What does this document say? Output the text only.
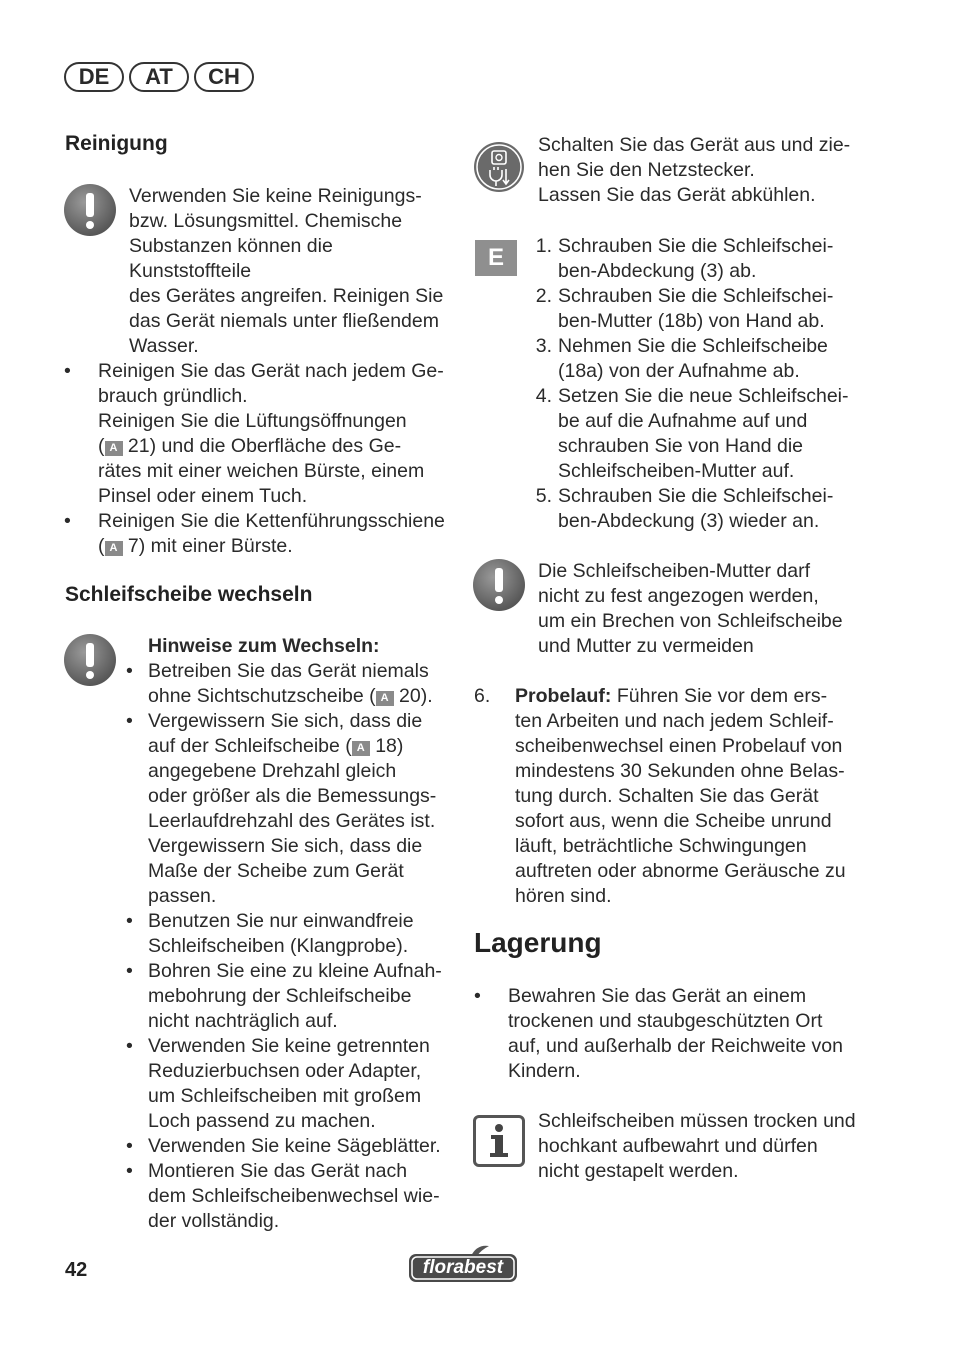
DE	AT	CH
Reinigung
Verwenden Sie keine Reinigungs-
bzw. Lösungsmittel. Chemische
Substanzen können die Kunststoffteile
des Gerätes angreifen. Reinigen Sie
das Gerät niemals unter fließendem
Wasser.
• Reinigen Sie das Gerät nach jedem Ge-
brauch gründlich.
Reinigen Sie die Lüftungsöffnungen
( A 21) und die Oberfläche des Ge-
rätes mit einer weichen Bürste, einem
Pinsel oder einem Tuch.
• Reinigen Sie die Kettenführungsschiene
( A 7) mit einer Bürste.
Schleifscheibe wechseln
Hinweise zum Wechseln:
• Betreiben Sie das Gerät niemals
ohne Sichtschutzscheibe ( A 20).
• Vergewissern Sie sich, dass die
auf der Schleifscheibe ( A 18)
angegebene Drehzahl gleich
oder größer als die Bemessungs-
Leerlaufdrehzahl des Gerätes ist.
Vergewissern Sie sich, dass die
Maße der Scheibe zum Gerät
passen.
• Benutzen Sie nur einwandfreie
Schleifscheiben (Klangprobe).
• Bohren Sie eine zu kleine Aufnah-
mebohrung der Schleifscheibe
nicht nachträglich auf.
• Verwenden Sie keine getrennten
Reduzierbuchsen oder Adapter,
um Schleifscheiben mit großem
Loch passend zu machen.
• Verwenden Sie keine Sägeblätter.
• Montieren Sie das Gerät nach
dem Schleifscheibenwechsel wie-
der vollständig.
Schalten Sie das Gerät aus und zie-
hen Sie den Netzstecker.
Lassen Sie das Gerät abkühlen.
E	1. Schrauben Sie die Schleifschei-
ben-Abdeckung (3) ab.
2. Schrauben Sie die Schleifschei-
ben-Mutter (18b) von Hand ab.
3. Nehmen Sie die Schleifscheibe
(18a) von der Aufnahme ab.
4. Setzen Sie die neue Schleifschei-
be auf die Aufnahme auf und
schrauben Sie von Hand die
Schleifscheiben-Mutter auf.
5. Schrauben Sie die Schleifschei-
ben-Abdeckung (3) wieder an.
Die Schleifscheiben-Mutter darf
nicht zu fest angezogen werden,
um ein Brechen von Schleifscheibe
und Mutter zu vermeiden
6. Probelauf: Führen Sie vor dem ers-
ten Arbeiten und nach jedem Schleif-
scheibenwechsel einen Probelauf von
mindestens 30 Sekunden ohne Belas-
tung durch. Schalten Sie das Gerät
sofort aus, wenn die Scheibe unrund
läuft, beträchtliche Schwingungen
auftreten oder abnorme Geräusche zu
hören sind.
Lagerung
• Bewahren Sie das Gerät an einem
trockenen und staubgeschützten Ort
auf, und außerhalb der Reichweite von
Kindern.
Schleifscheiben müssen trocken und
hochkant aufbewahrt und dürfen
nicht gestapelt werden.
42	florabest
